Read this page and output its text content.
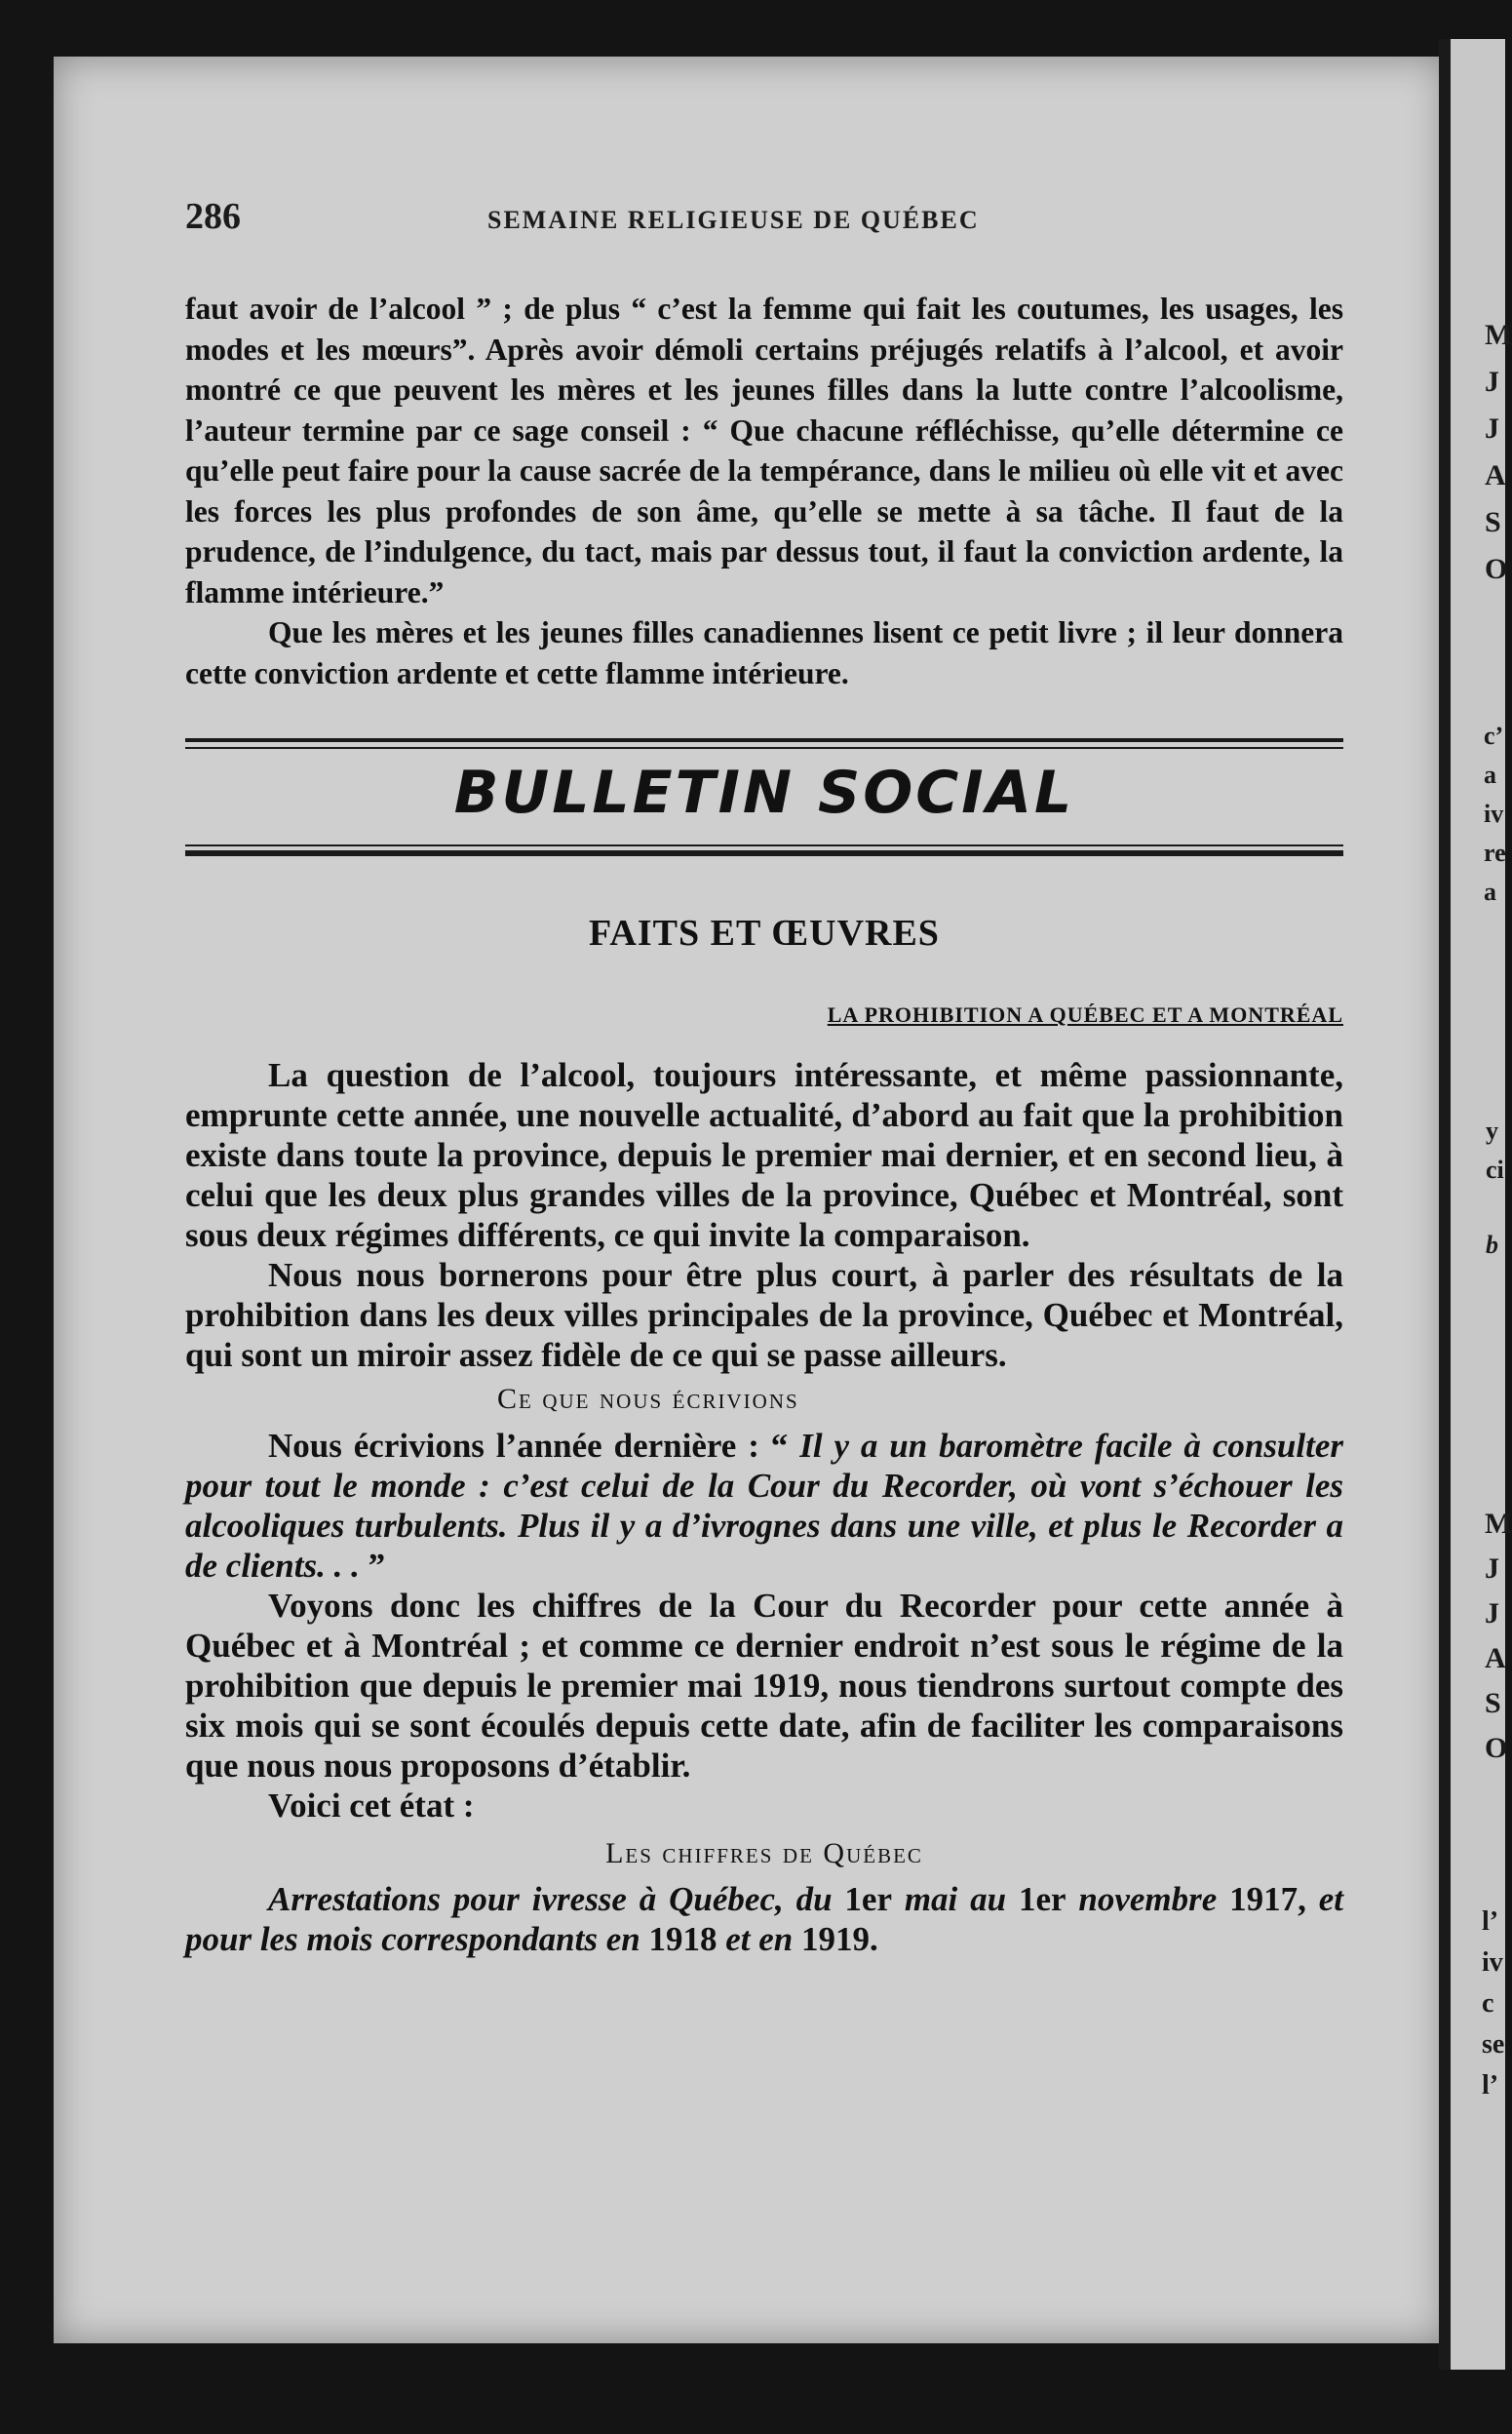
286	SEMAINE RELIGIEUSE DE QUÉBEC

faut avoir de l’alcool ” ; de plus “ c’est la femme qui fait les coutumes, les usages, les modes et les mœurs”. Après avoir démoli certains préjugés relatifs à l’alcool, et avoir montré ce que peuvent les mères et les jeunes filles dans la lutte contre l’alcoolisme, l’auteur termine par ce sage conseil : “ Que chacune réfléchisse, qu’elle détermine ce qu’elle peut faire pour la cause sacrée de la tempérance, dans le milieu où elle vit et avec les forces les plus profondes de son âme, qu’elle se mette à sa tâche. Il faut de la prudence, de l’indulgence, du tact, mais par dessus tout, il faut la conviction ardente, la flamme intérieure.”

Que les mères et les jeunes filles canadiennes lisent ce petit livre ; il leur donnera cette conviction ardente et cette flamme intérieure.

BULLETIN SOCIAL
FAITS ET ŒUVRES
LA PROHIBITION A QUÉBEC ET A MONTRÉAL

La question de l’alcool, toujours intéressante, et même passionnante, emprunte cette année, une nouvelle actualité, d’abord au fait que la prohibition existe dans toute la province, depuis le premier mai dernier, et en second lieu, à celui que les deux plus grandes villes de la province, Québec et Montréal, sont sous deux régimes différents, ce qui invite la comparaison.

Nous nous bornerons pour être plus court, à parler des résultats de la prohibition dans les deux villes principales de la province, Québec et Montréal, qui sont un miroir assez fidèle de ce qui se passe ailleurs.

Ce que nous écrivions

Nous écrivions l’année dernière : “ Il y a un baromètre facile à consulter pour tout le monde : c’est celui de la Cour du Recorder, où vont s’échouer les alcooliques turbulents. Plus il y a d’ivrognes dans une ville, et plus le Recorder a de clients. . . ”

Voyons donc les chiffres de la Cour du Recorder pour cette année à Québec et à Montréal ; et comme ce dernier endroit n’est sous le régime de la prohibition que depuis le premier mai 1919, nous tiendrons surtout compte des six mois qui se sont écoulés depuis cette date, afin de faciliter les comparaisons que nous nous proposons d’établir.

Voici cet état :

Les chiffres de Québec

Arrestations pour ivresse à Québec, du 1er mai au 1er novembre 1917, et pour les mois correspondants en 1918 et en 1919.

M
J
J
A
S
O
c’
a
iv
re
a
y
ci
b
M
J
J
A
S
O
l’
iv
c
se
l’
